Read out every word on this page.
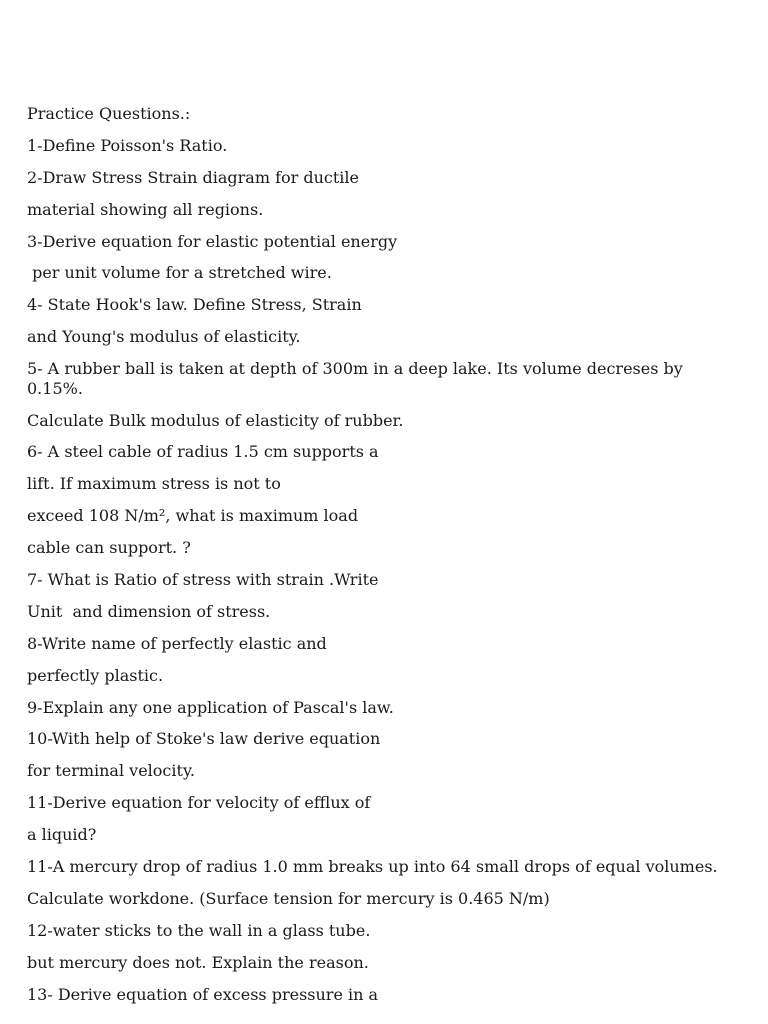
Practice Questions.:

1-Define Poisson's Ratio.

2-Draw Stress Strain diagram for ductile

material showing all regions.

3-Derive equation for elastic potential energy

per unit volume for a stretched wire.

4- State Hook's law. Define Stress, Strain

and Young's modulus of elasticity.

5- A rubber ball is taken at depth of 300m in a deep lake. Its volume decreses by 0.15%.

Calculate Bulk modulus of elasticity of rubber.

6- A steel cable of radius 1.5 cm supports a

lift. If maximum stress is not to

exceed 108 N/m², what is maximum load

cable can support. ?

7- What is Ratio of stress with strain .Write

Unit  and dimension of stress.

8-Write name of perfectly elastic and

perfectly plastic.

9-Explain any one application of Pascal's law.

10-With help of Stoke's law derive equation

for terminal velocity.

11-Derive equation for velocity of efflux of

a liquid?

11-A mercury drop of radius 1.0 mm breaks up into 64 small drops of equal volumes.

Calculate workdone. (Surface tension for mercury is 0.465 N/m)

12-water sticks to the wall in a glass tube.

but mercury does not. Explain the reason.

13- Derive equation of excess pressure in a
